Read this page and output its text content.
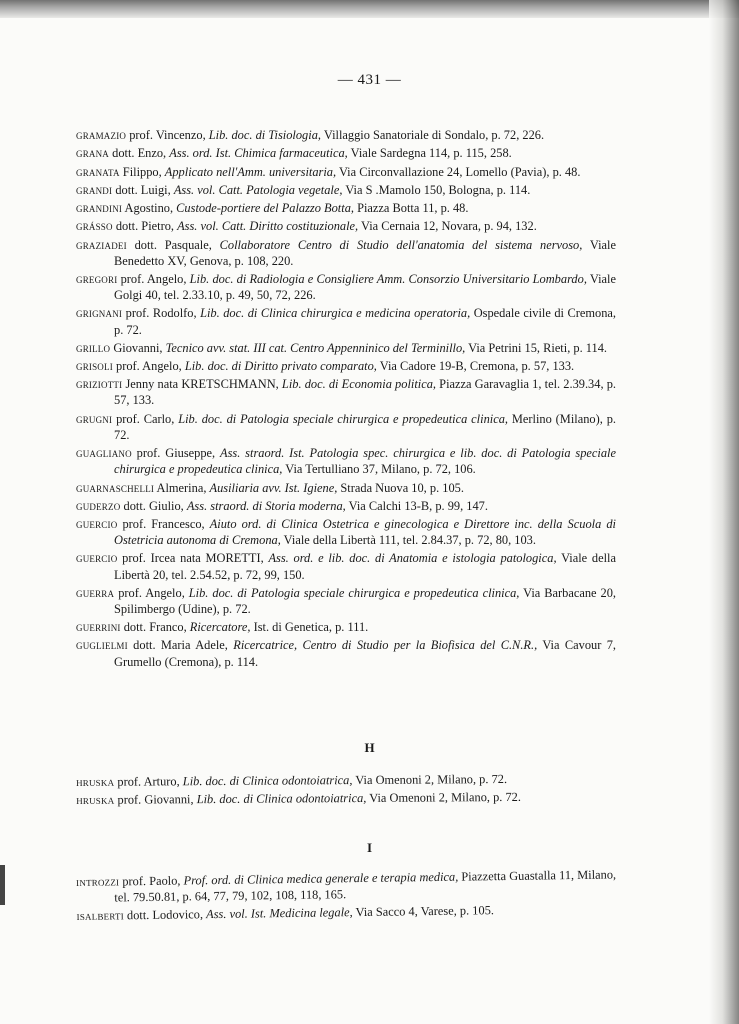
— 431 —
GRAMAZIO prof. Vincenzo, Lib. doc. di Tisiologia, Villaggio Sanatoriale di Sondalo, p. 72, 226.
GRANA dott. Enzo, Ass. ord. Ist. Chimica farmaceutica, Viale Sardegna 114, p. 115, 258.
GRANATA Filippo, Applicato nell'Amm. universitaria, Via Circonvallazione 24, Lomello (Pavia), p. 48.
GRANDI dott. Luigi, Ass. vol. Catt. Patologia vegetale, Via S .Mamolo 150, Bologna, p. 114.
GRANDINI Agostino, Custode-portiere del Palazzo Botta, Piazza Botta 11, p. 48.
GRÁSSO dott. Pietro, Ass. vol. Catt. Diritto costituzionale, Via Cernaia 12, Novara, p. 94, 132.
GRAZIADEI dott. Pasquale, Collaboratore Centro di Studio dell'anatomia del sistema nervoso, Viale Benedetto XV, Genova, p. 108, 220.
GREGORI prof. Angelo, Lib. doc. di Radiologia e Consigliere Amm. Consorzio Universitario Lombardo, Viale Golgi 40, tel. 2.33.10, p. 49, 50, 72, 226.
GRIGNANI prof. Rodolfo, Lib. doc. di Clinica chirurgica e medicina operatoria, Ospedale civile di Cremona, p. 72.
GRILLO Giovanni, Tecnico avv. stat. III cat. Centro Appenninico del Terminillo, Via Petrini 15, Rieti, p. 114.
GRISOLI prof. Angelo, Lib. doc. di Diritto privato comparato, Via Cadore 19-B, Cremona, p. 57, 133.
GRIZIOTTI Jenny nata KRETSCHMANN, Lib. doc. di Economia politica, Piazza Garavaglia 1, tel. 2.39.34, p. 57, 133.
GRUGNI prof. Carlo, Lib. doc. di Patologia speciale chirurgica e propedeutica clinica, Merlino (Milano), p. 72.
GUAGLIANO prof. Giuseppe, Ass. straord. Ist. Patologia spec. chirurgica e lib. doc. di Patologia speciale chirurgica e propedeutica clinica, Via Tertulliano 37, Milano, p. 72, 106.
GUARNASCHELLI Almerina, Ausiliaria avv. Ist. Igiene, Strada Nuova 10, p. 105.
GUDERZO dott. Giulio, Ass. straord. di Storia moderna, Via Calchi 13-B, p. 99, 147.
GUERCIO prof. Francesco, Aiuto ord. di Clinica Ostetrica e ginecologica e Direttore inc. della Scuola di Ostetricia autonoma di Cremona, Viale della Libertà 111, tel. 2.84.37, p. 72, 80, 103.
GUERCIO prof. Ircea nata MORETTI, Ass. ord. e lib. doc. di Anatomia e istologia patologica, Viale della Libertà 20, tel. 2.54.52, p. 72, 99, 150.
GUERRA prof. Angelo, Lib. doc. di Patologia speciale chirurgica e propedeutica clinica, Via Barbacane 20, Spilimbergo (Udine), p. 72.
GUERRINI dott. Franco, Ricercatore, Ist. di Genetica, p. 111.
GUGLIELMI dott. Maria Adele, Ricercatrice, Centro di Studio per la Biofisica del C.N.R., Via Cavour 7, Grumello (Cremona), p. 114.
H
HRUSKA prof. Arturo, Lib. doc. di Clinica odontoiatrica, Via Omenoni 2, Milano, p. 72.
HRUSKA prof. Giovanni, Lib. doc. di Clinica odontoiatrica, Via Omenoni 2, Milano, p. 72.
I
INTROZZI prof. Paolo, Prof. ord. di Clinica medica generale e terapia medica, Piazzetta Guastalla 11, Milano, tel. 79.50.81, p. 64, 77, 79, 102, 108, 118, 165.
ISALBERTI dott. Lodovico, Ass. vol. Ist. Medicina legale, Via Sacco 4, Varese, p. 105.
